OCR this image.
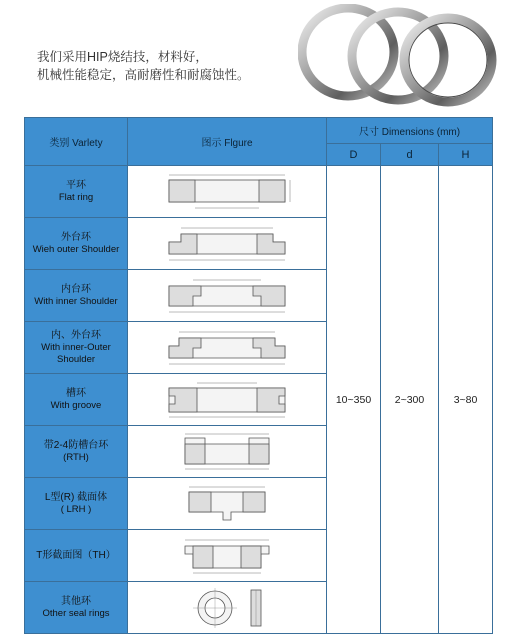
我们采用HIP烧结技，材料好，
机械性能稳定，高耐磨性和耐腐蚀性。
类别 Varlety	图示 Flgure	尺寸 Dimensions (mm)		
		D	d	H

平环
Flat ring		10~350	2~300	3~80

外台环
Wieh outer Shoulder	

内台环
With inner Shoulder	

内、外台环
With inner-Outer Shoulder	

槽环
With groove	

带2-4防槽台环
(RTH)	

L型(R) 截面体
( LRH )	

T形截面图（TH）

其他环
Other seal rings	
